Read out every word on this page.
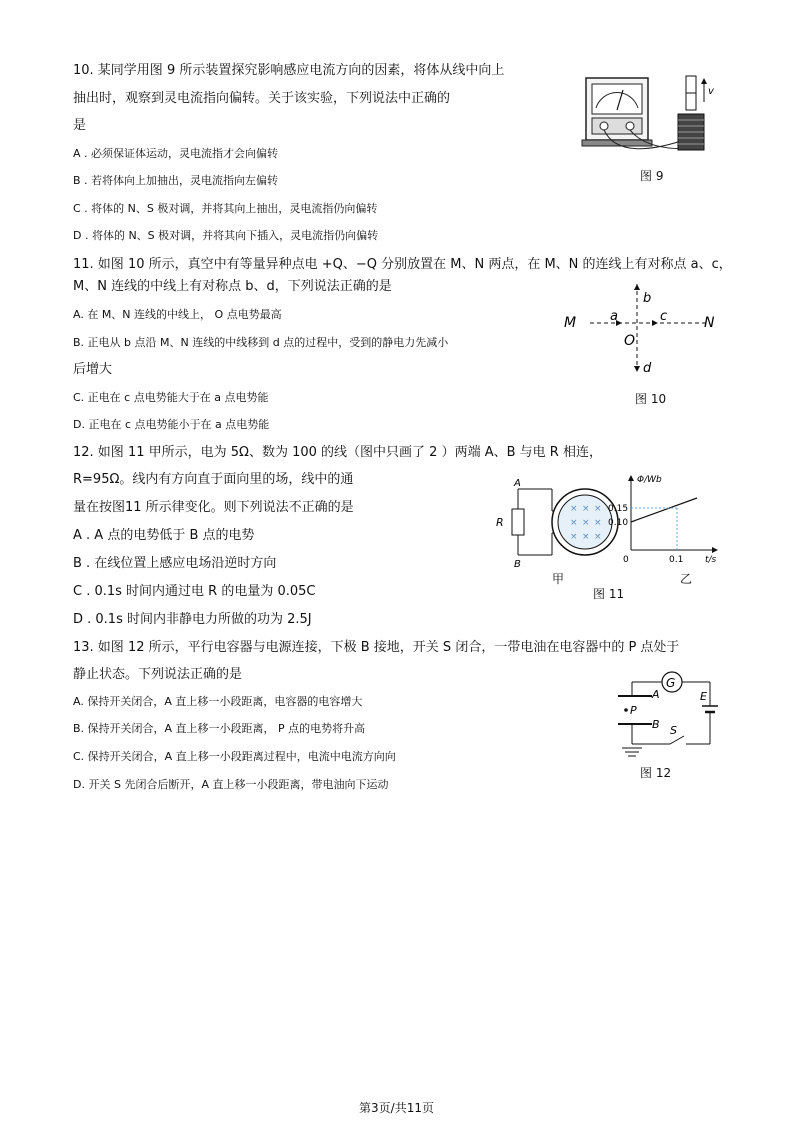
10. 某同学用图 9 所示装置探究影响感应电流方向的因素，将体从线中向上
抽出时，观察到灵电流指向偏转。关于该实验，下列说法中正确的
是
A . 必须保证体运动，灵电流指才会向偏转
B . 若将体向上加抽出，灵电流指向左偏转
C . 将体的 N、S 极对调，并将其向上抽出，灵电流指仍向偏转
D . 将体的 N、S 极对调，并将其向下插入，灵电流指仍向偏转
v
图 9
11. 如图 10 所示，真空中有等量异种点电 +Q、−Q 分别放置在 M、N 两点，在 M、N 的连线上有对称点 a、c，
M、N 连线的中线上有对称点 b、d，下列说法正确的是
A. 在 M、N 连线的中线上， O 点电势最高
B. 正电从 b 点沿 M、N 连线的中线移到 d 点的过程中，受到的静电力先减小
后增大
C. 正电在 c 点电势能大于在 a 点电势能
D. 正电在 c 点电势能小于在 a 点电势能
M	a	c	N
b
O
d
图 10
12. 如图 11 甲所示，电为 5Ω、数为 100 的线（图中只画了 2 ）两端 A、B 与电 R 相连，
R=95Ω。线内有方向直于面向里的场，线中的通
量在按图11 所示律变化。则下列说法不正确的是
A . A 点的电势低于 B 点的电势
B . 在线位置上感应电场沿逆时方向
C . 0.1s 时间内通过电 R 的电量为 0.05C
D . 0.1s 时间内非静电力所做的功为 2.5J
× × ×
× × ×
× × ×
A
B
R
甲
Φ/Wb
t/s
0.15
0.10
0.1
0
乙
图 11
13. 如图 12 所示，平行电容器与电源连接，下极 B 接地，开关 S 闭合，一带电油在电容器中的 P 点处于
静止状态。下列说法正确的是
A. 保持开关闭合，A 直上移一小段距离，电容器的电容增大
B. 保持开关闭合，A 直上移一小段距离， P 点的电势将升高
C. 保持开关闭合，A 直上移一小段距离过程中，电流中电流方向向
D. 开关 S 先闭合后断开，A 直上移一小段距离，带电油向下运动
G
E
A
P
B S
图 12
第3页/共11页
